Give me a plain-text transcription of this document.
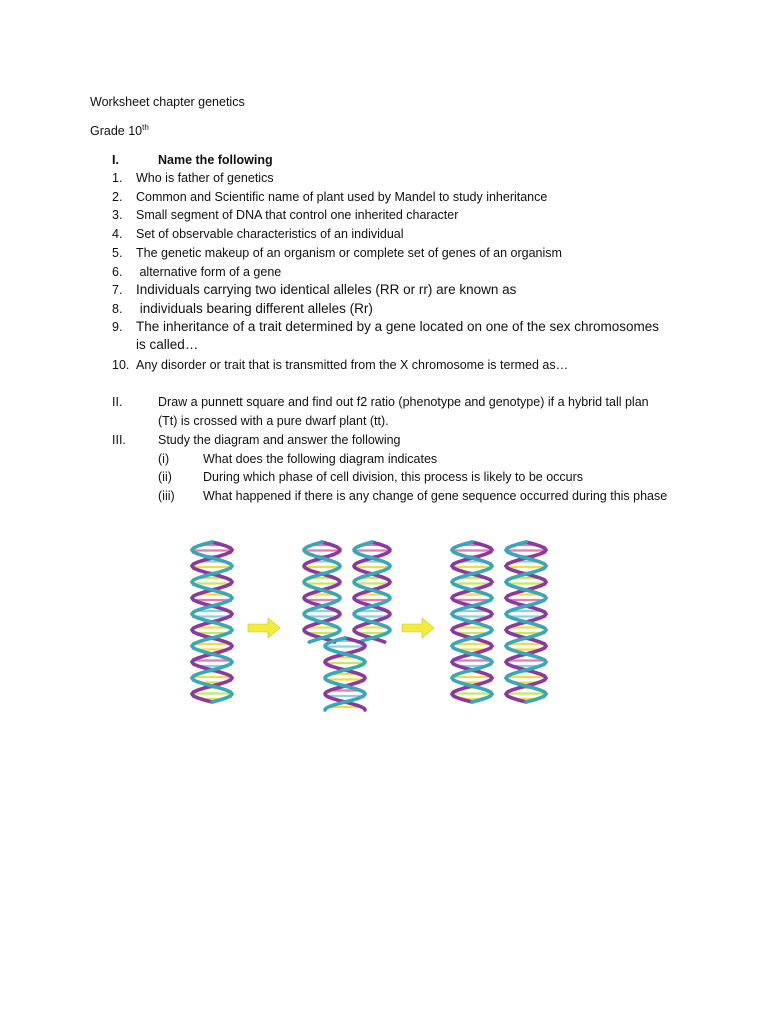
Worksheet chapter genetics
Grade 10th
I.	Name the following
1.	Who is father of genetics
2.	Common and Scientific name of plant used by Mandel to study inheritance
3.	Small segment of DNA that control one inherited character
4.	Set of observable characteristics of an individual
5.	The genetic makeup of an organism or complete set of genes of an organism
6.	alternative form of a gene
7.	Individuals carrying two identical alleles (RR or rr) are known as
8.	individuals bearing different alleles (Rr)
9.	The inheritance of a trait determined by a gene located on one of the sex chromosomes
is called…
10. Any disorder or trait that is transmitted from the X chromosome is termed as…
II.	Draw a punnett square and find out f2 ratio (phenotype and genotype) if a hybrid tall plan
(Tt) is crossed with a pure dwarf plant (tt).
III.	Study the diagram and answer the following
(i)	What does the following diagram indicates
(ii) During which phase of cell division, this process is likely to be occurs
(iii) What happened if there is any change of gene sequence occurred during this phase
